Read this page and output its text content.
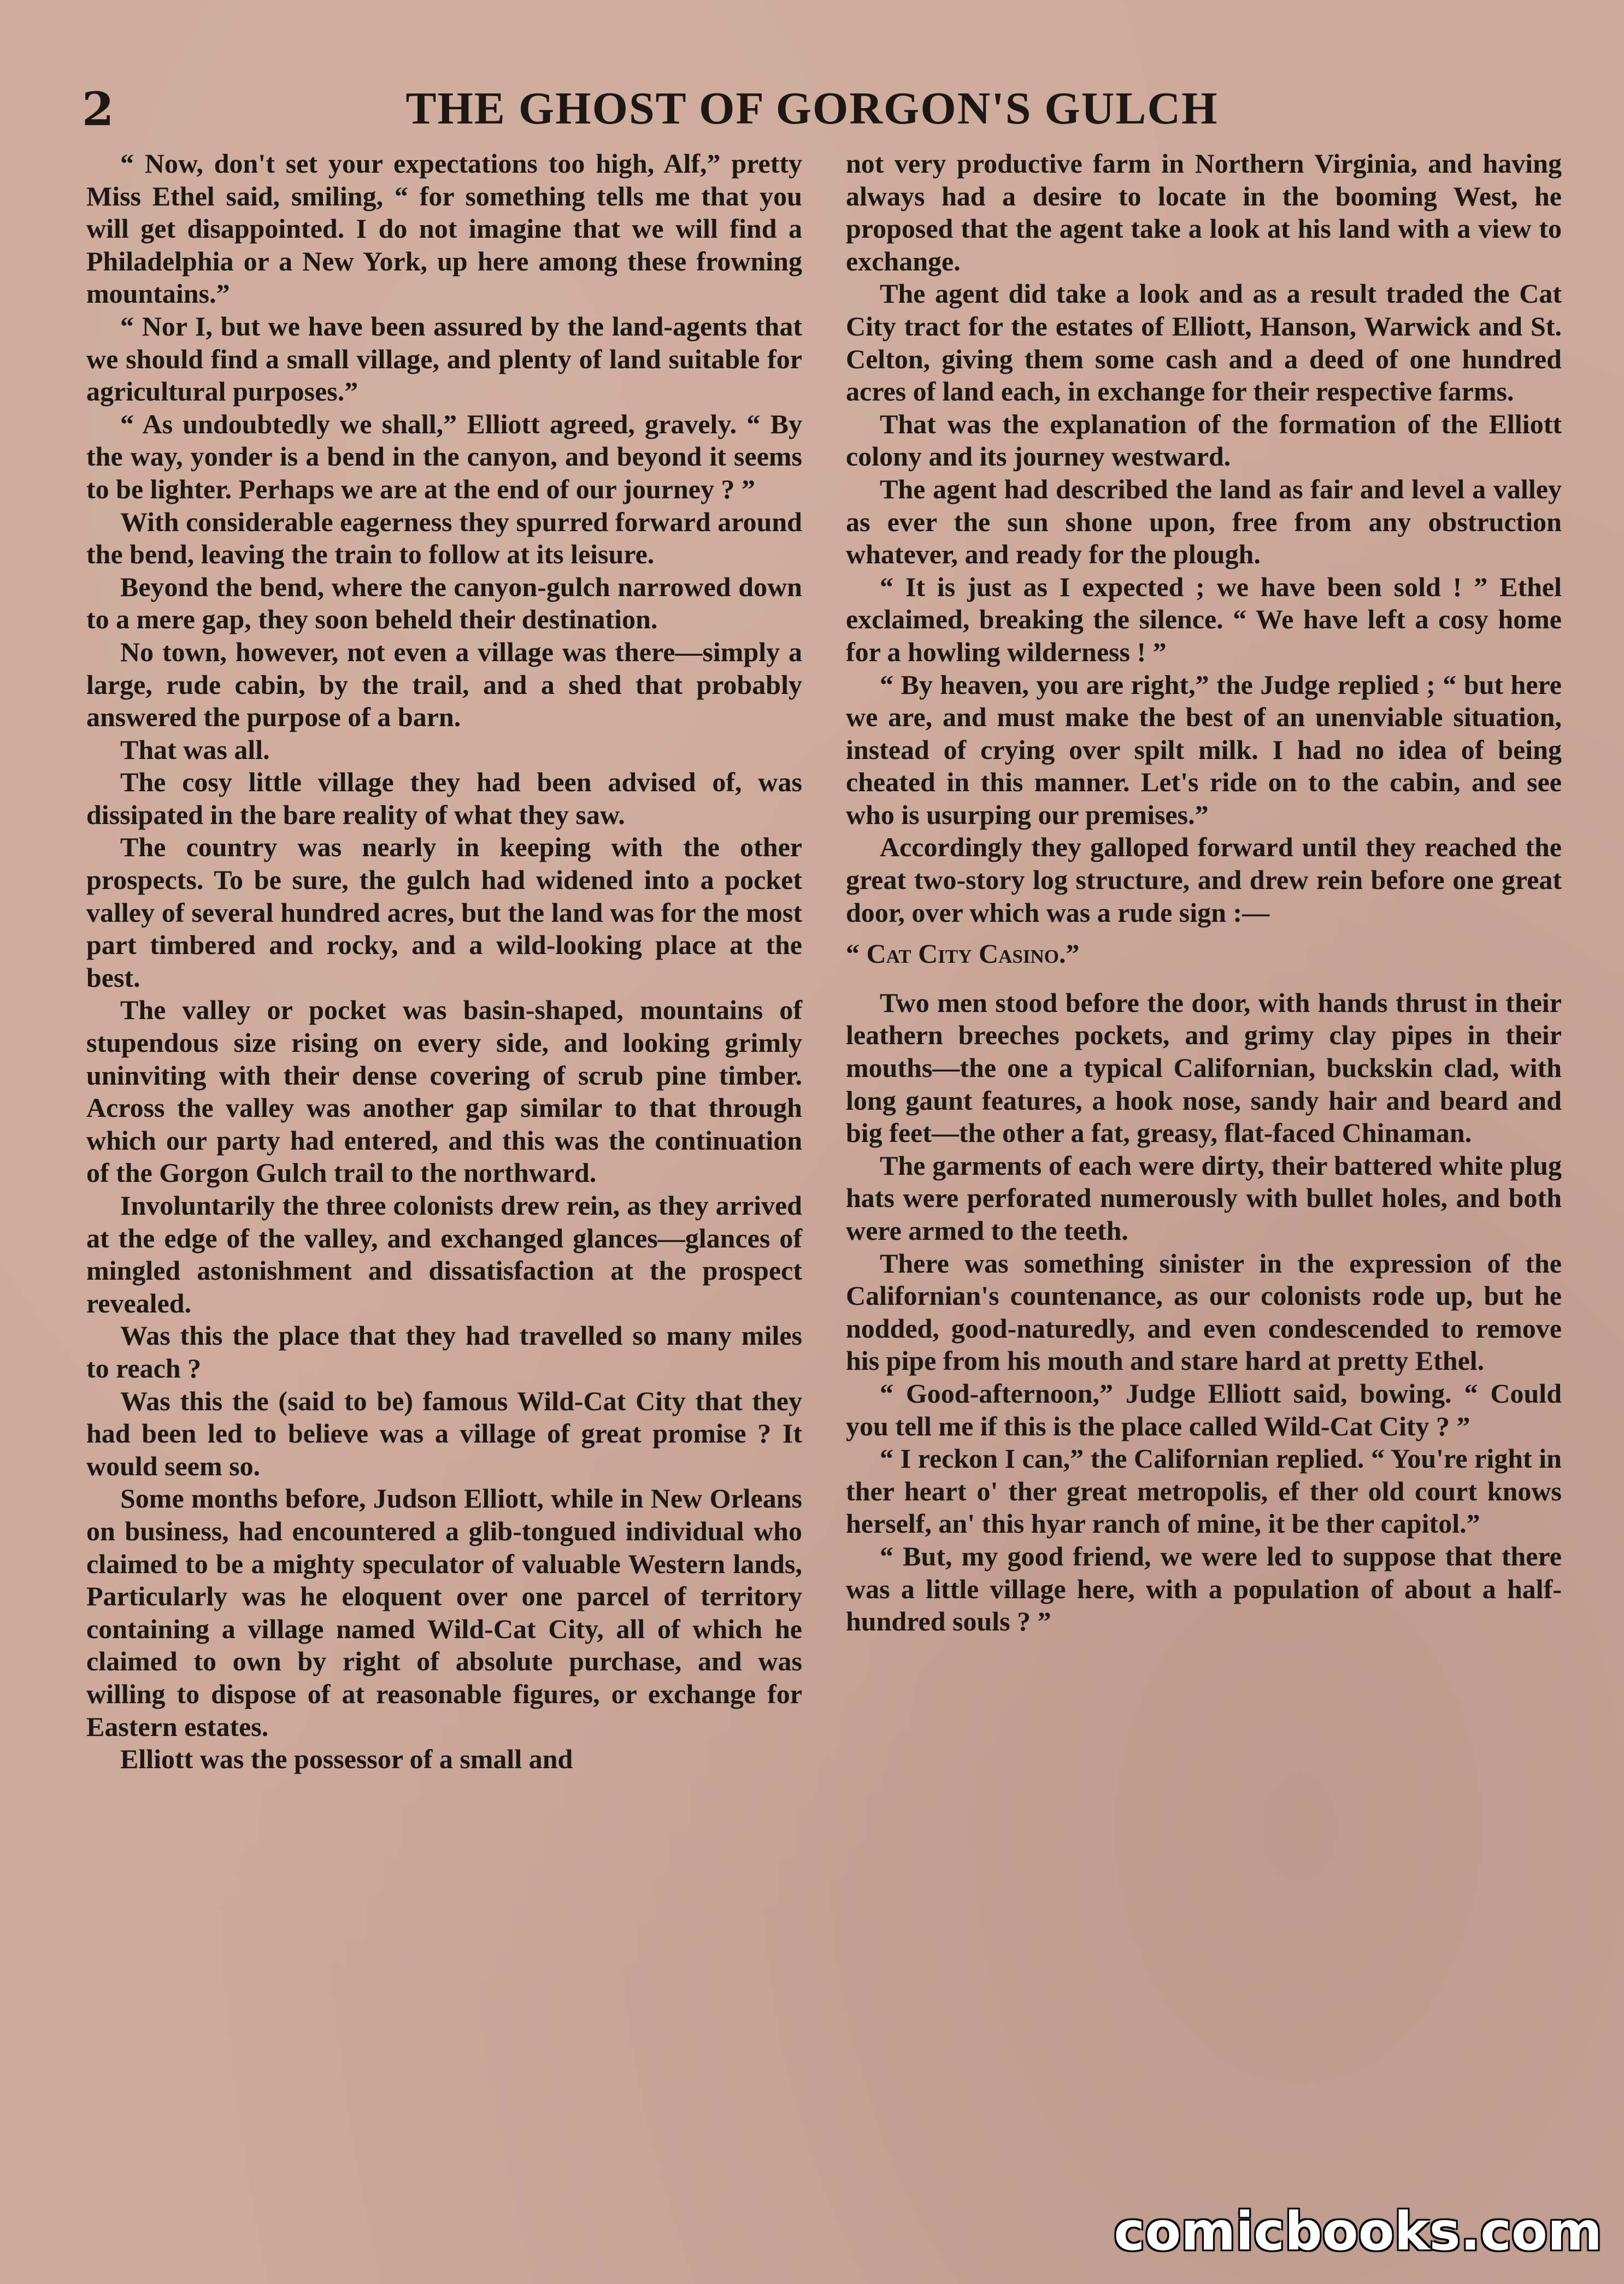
2	THE GHOST OF GORGON'S GULCH

“ Now, don't set your expectations too high, Alf,” pretty Miss Ethel said, smiling, “ for something tells me that you will get disappointed. I do not imagine that we will find a Philadelphia or a New York, up here among these frowning mountains.”

“ Nor I, but we have been assured by the land-agents that we should find a small village, and plenty of land suitable for agricultural purposes.”

“ As undoubtedly we shall,” Elliott agreed, gravely. “ By the way, yonder is a bend in the canyon, and beyond it seems to be lighter. Perhaps we are at the end of our journey ? ”

With considerable eagerness they spurred forward around the bend, leaving the train to follow at its leisure.

Beyond the bend, where the canyon-gulch narrowed down to a mere gap, they soon beheld their destination.

No town, however, not even a village was there—simply a large, rude cabin, by the trail, and a shed that probably answered the purpose of a barn.

That was all.

The cosy little village they had been advised of, was dissipated in the bare reality of what they saw.

The country was nearly in keeping with the other prospects. To be sure, the gulch had widened into a pocket valley of several hundred acres, but the land was for the most part timbered and rocky, and a wild-looking place at the best.

The valley or pocket was basin-shaped, mountains of stupendous size rising on every side, and looking grimly uninviting with their dense covering of scrub pine timber. Across the valley was another gap similar to that through which our party had entered, and this was the continuation of the Gorgon Gulch trail to the northward.

Involuntarily the three colonists drew rein, as they arrived at the edge of the valley, and exchanged glances—glances of mingled astonishment and dissatisfaction at the prospect revealed.

Was this the place that they had travelled so many miles to reach ?

Was this the (said to be) famous Wild-Cat City that they had been led to believe was a village of great promise ? It would seem so.

Some months before, Judson Elliott, while in New Orleans on business, had encountered a glib-tongued individual who claimed to be a mighty speculator of valuable Western lands, Particularly was he eloquent over one parcel of territory containing a village named Wild-Cat City, all of which he claimed to own by right of absolute purchase, and was willing to dispose of at reasonable figures, or exchange for Eastern estates.

Elliott was the possessor of a small and

not very productive farm in Northern Virginia, and having always had a desire to locate in the booming West, he proposed that the agent take a look at his land with a view to exchange.

The agent did take a look and as a result traded the Cat City tract for the estates of Elliott, Hanson, Warwick and St. Celton, giving them some cash and a deed of one hundred acres of land each, in exchange for their respective farms.

That was the explanation of the formation of the Elliott colony and its journey westward.

The agent had described the land as fair and level a valley as ever the sun shone upon, free from any obstruction whatever, and ready for the plough.

“ It is just as I expected ; we have been sold ! ” Ethel exclaimed, breaking the silence. “ We have left a cosy home for a howling wilderness ! ”

“ By heaven, you are right,” the Judge replied ; “ but here we are, and must make the best of an unenviable situation, instead of crying over spilt milk. I had no idea of being cheated in this manner. Let's ride on to the cabin, and see who is usurping our premises.”

Accordingly they galloped forward until they reached the great two-story log structure, and drew rein before one great door, over which was a rude sign :—

“ Cat City Casino.”

Two men stood before the door, with hands thrust in their leathern breeches pockets, and grimy clay pipes in their mouths—the one a typical Californian, buckskin clad, with long gaunt features, a hook nose, sandy hair and beard and big feet—the other a fat, greasy, flat-faced Chinaman.

The garments of each were dirty, their battered white plug hats were perforated numerously with bullet holes, and both were armed to the teeth.

There was something sinister in the expression of the Californian's countenance, as our colonists rode up, but he nodded, good-naturedly, and even condescended to remove his pipe from his mouth and stare hard at pretty Ethel.

“ Good-afternoon,” Judge Elliott said, bowing. “ Could you tell me if this is the place called Wild-Cat City ? ”

“ I reckon I can,” the Californian replied. “ You're right in ther heart o' ther great metropolis, ef ther old court knows herself, an' this hyar ranch of mine, it be ther capitol.”

“ But, my good friend, we were led to suppose that there was a little village here, with a population of about a half-hundred souls ? ”

comicbooks.com
